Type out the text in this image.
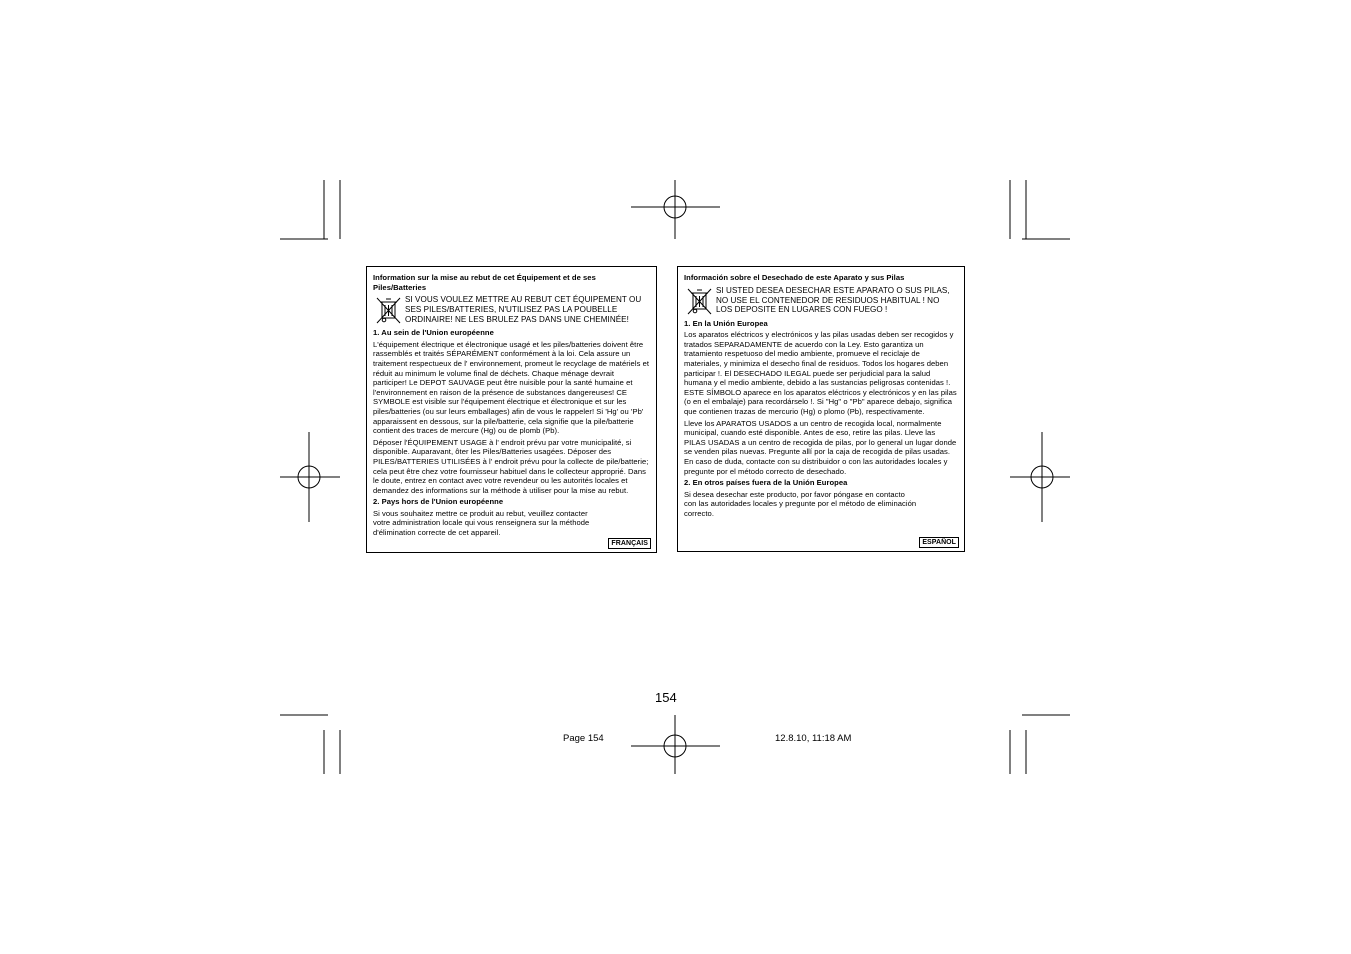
Information sur la mise au rebut de cet Équipement et de ses Piles/Batteries
SI VOUS VOULEZ METTRE AU REBUT CET ÉQUIPEMENT OU SES PILES/BATTERIES, N'UTILISEZ PAS LA POUBELLE ORDINAIRE! NE LES BRULEZ PAS DANS UNE CHEMINÉE!
1. Au sein de l'Union européenne
L'équipement électrique et électronique usagé et les piles/batteries doivent être rassemblés et traités SÉPARÉMENT conformément à la loi. Cela assure un traitement respectueux de l' environnement, promeut le recyclage de matériels et réduit au minimum le volume final de déchets. Chaque ménage devrait participer! Le DEPOT SAUVAGE peut être nuisible pour la santé humaine et l'environnement en raison de la présence de substances dangereuses! CE SYMBOLE est visible sur l'équipement électrique et électronique et sur les piles/batteries (ou sur leurs emballages) afin de vous le rappeler! Si 'Hg' ou 'Pb' apparaissent en dessous, sur la pile/batterie, cela signifie que la pile/batterie contient des traces de mercure (Hg) ou de plomb (Pb).
Déposer l'ÉQUIPEMENT USAGE à l' endroit prévu par votre municipalité, si disponible. Auparavant, ôter les Piles/Batteries usagées. Déposer des PILES/BATTERIES UTILISÉES à l' endroit prévu pour la collecte de pile/batterie; cela peut être chez votre fournisseur habituel dans le collecteur approprié. Dans le doute, entrez en contact avec votre revendeur ou les autorités locales et demandez des informations sur la méthode à utiliser pour la mise au rebut.
2. Pays hors de l'Union européenne
Si vous souhaitez mettre ce produit au rebut, veuillez contacter votre administration locale qui vous renseignera sur la méthode d'élimination correcte de cet appareil.
FRANÇAIS
Información sobre el Desechado de este Aparato y sus Pilas
SI USTED DESEA DESECHAR ESTE APARATO O SUS PILAS, NO USE EL CONTENEDOR DE RESIDUOS HABITUAL ! NO LOS DEPOSITE EN LUGARES CON FUEGO !
1. En la Unión Europea
Los aparatos eléctricos y electrónicos y las pilas usadas deben ser recogidos y tratados SEPARADAMENTE de acuerdo con la Ley. Esto garantiza un tratamiento respetuoso del medio ambiente, promueve el reciclaje de materiales, y minimiza el desecho final de residuos. Todos los hogares deben participar !. El DESECHADO ILEGAL puede ser perjudicial para la salud humana y el medio ambiente, debido a las sustancias peligrosas contenidas !. ESTE SÍMBOLO aparece en los aparatos eléctricos y electrónicos y en las pilas (o en el embalaje) para recordárselo !. Si "Hg" o "Pb" aparece debajo, significa que contienen trazas de mercurio (Hg) o plomo (Pb), respectivamente.
Lleve los APARATOS USADOS a un centro de recogida local, normalmente municipal, cuando esté disponible. Antes de eso, retire las pilas. Lleve las PILAS USADAS a un centro de recogida de pilas, por lo general un lugar donde se venden pilas nuevas. Pregunte allí por la caja de recogida de pilas usadas. En caso de duda, contacte con su distribuidor o con las autoridades locales y pregunte por el método correcto de desechado.
2. En otros países fuera de la Unión Europea
Si desea desechar este producto, por favor póngase en contacto con las autoridades locales y pregunte por el método de eliminación correcto.
ESPAÑOL
154
Page 154	12.8.10, 11:18 AM
